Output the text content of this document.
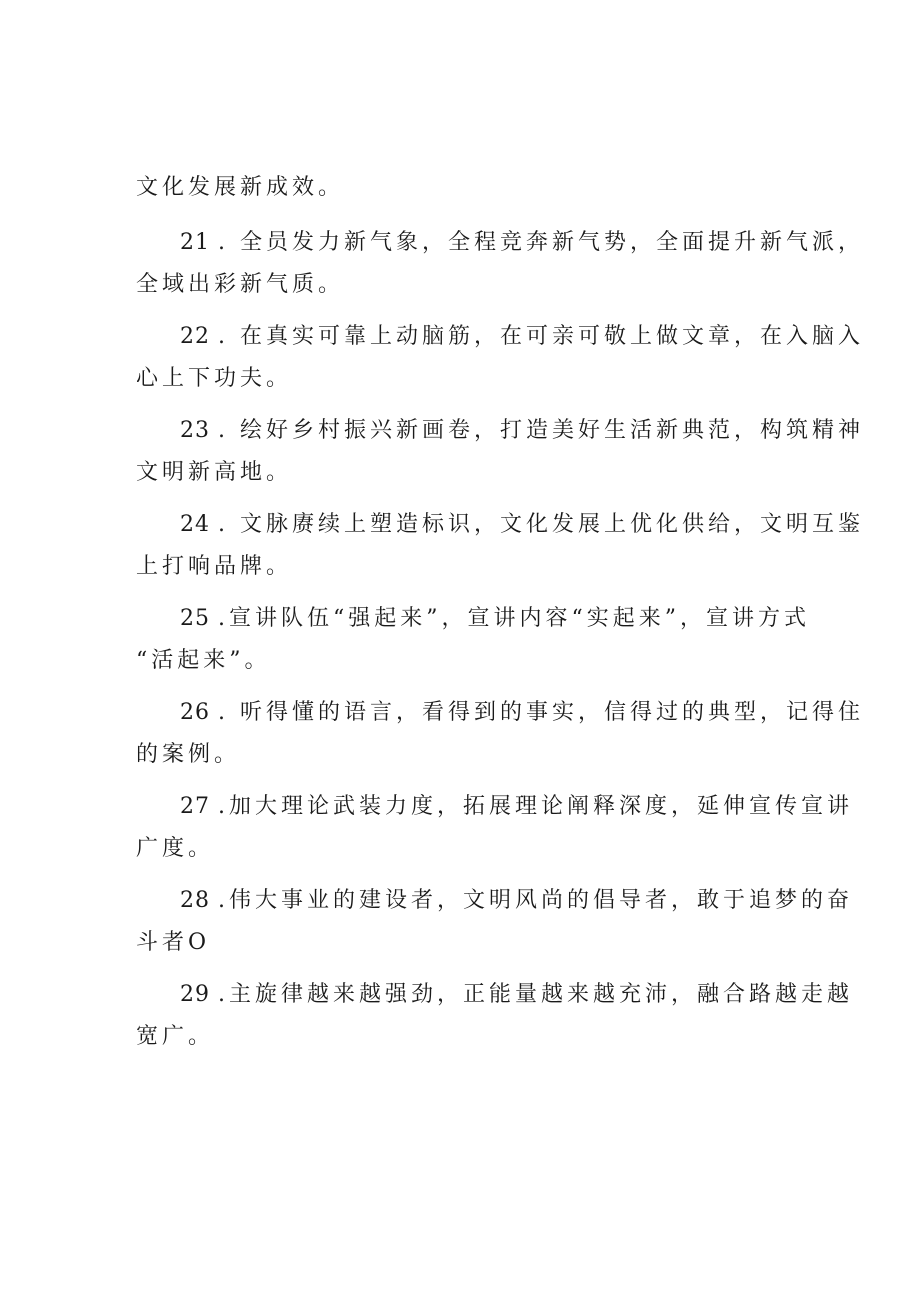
文化发展新成效。
21 . 全员发力新气象，全程竞奔新气势，全面提升新气派，
全域出彩新气质。
22 . 在真实可靠上动脑筋，在可亲可敬上做文章，在入脑入
心上下功夫。
23 . 绘好乡村振兴新画卷，打造美好生活新典范，构筑精神
文明新高地。
24 . 文脉赓续上塑造标识，文化发展上优化供给，文明互鉴
上打响品牌。
25 .宣讲队伍“强起来”，宣讲内容“实起来”，宣讲方式
“活起来”。
26 . 听得懂的语言，看得到的事实，信得过的典型，记得住
的案例。
27 .加大理论武装力度，拓展理论阐释深度，延伸宣传宣讲
广度。
28 .伟大事业的建设者，文明风尚的倡导者，敢于追梦的奋
斗者O
29 .主旋律越来越强劲，正能量越来越充沛，融合路越走越
宽广。
